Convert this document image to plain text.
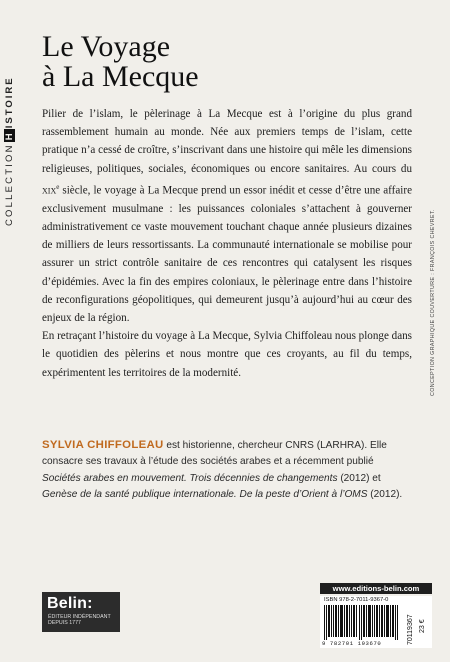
COLLECTIONHISTOIRE
Le Voyage
à La Mecque

Pilier de l’islam, le pèlerinage à La Mecque est à l’origine du plus grand rassemblement humain au monde. Née aux premiers temps de l’islam, cette pratique n’a cessé de croître, s’inscrivant dans une histoire qui mêle les dimensions religieuses, politiques, sociales, économiques ou encore sanitaires. Au cours du xix$^e$ siècle, le voyage à La Mecque prend un essor inédit et cesse d’être une affaire exclusivement musulmane : les puissances coloniales s’attachent à gouverner administrativement ce vaste mouvement touchant chaque année plusieurs dizaines de milliers de leurs ressortissants. La communauté internationale se mobilise pour assurer un strict contrôle sanitaire de ces rencontres qui catalysent les risques d’épidémies. Avec la fin des empires coloniaux, le pèlerinage entre dans l’histoire de reconfigurations géopolitiques, qui demeurent jusqu’à aujourd’hui au cœur des enjeux de la région.

En retraçant l’histoire du voyage à La Mecque, Sylvia Chiffoleau nous plonge dans le quotidien des pèlerins et nous montre que ces croyants, au fil du temps, expérimentent les territoires de la modernité.

SYLVIA CHIFFOLEAU est historienne, chercheur CNRS (LARHRA). Elle consacre ses travaux à l’étude des sociétés arabes et a récemment publié Sociétés arabes en mouvement. Trois décennies de changements (2012) et Genèse de la santé publique internationale. De la peste d’Orient à l’OMS (2012).
CONCEPTION GRAPHIQUE COUVERTURE : FRANÇOIS CHEVRET.
Belin:
ÉDITEUR INDÉPENDANT
DEPUIS 1777
www.editions-belin.com
ISBN 978-2-7011-9367-0
9 782701 193670	70119367 23 €
